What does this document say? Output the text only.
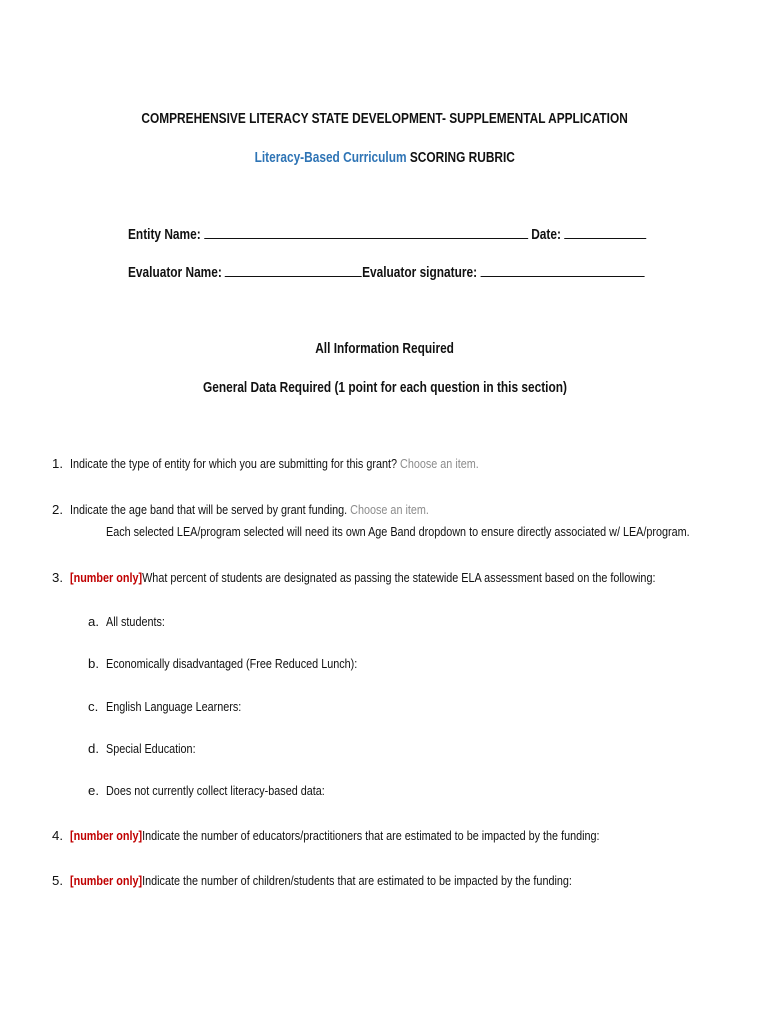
COMPREHENSIVE LITERACY STATE DEVELOPMENT- SUPPLEMENTAL APPLICATION
Literacy-Based Curriculum SCORING RUBRIC
Entity Name:	Date:
Evaluator Name:	Evaluator signature:
All Information Required
General Data Required (1 point for each question in this section)
1. Indicate the type of entity for which you are submitting for this grant? Choose an item.
2. Indicate the age band that will be served by grant funding. Choose an item.
Each selected LEA/program selected will need its own Age Band dropdown to ensure directly associated w/ LEA/program.
3. [number only]What percent of students are designated as passing the statewide ELA assessment based on the following:
a. All students:
b. Economically disadvantaged (Free Reduced Lunch):
c. English Language Learners:
d. Special Education:
e. Does not currently collect literacy-based data:
4. [number only]Indicate the number of educators/practitioners that are estimated to be impacted by the funding:
5. [number only]Indicate the number of children/students that are estimated to be impacted by the funding:
